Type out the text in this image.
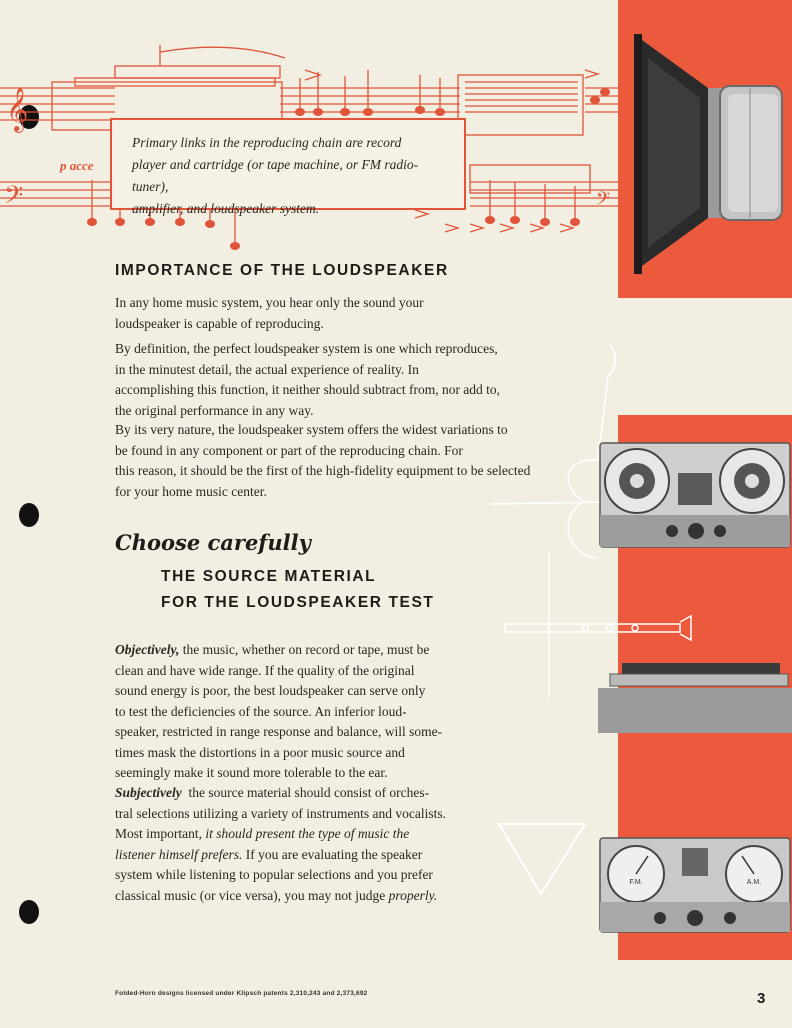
𝄞
𝄢	𝄢
p acce
Primary links in the reproducing chain are record
player and cartridge (or tape machine, or FM radio-tuner),
amplifier, and loudspeaker system.
F.M.	A.M.
IMPORTANCE OF THE LOUDSPEAKER
In any home music system, you hear only the sound your
loudspeaker is capable of reproducing.
By definition, the perfect loudspeaker system is one which reproduces,
in the minutest detail, the actual experience of reality. In
accomplishing this function, it neither should subtract from, nor add to,
the original performance in any way.
By its very nature, the loudspeaker system offers the widest variations to
be found in any component or part of the reproducing chain. For
this reason, it should be the first of the high-fidelity equipment to be selected
for your home music center.
Choose carefully
THE SOURCE MATERIAL
FOR THE LOUDSPEAKER TEST
Objectively, the music, whether on record or tape, must be
clean and have wide range. If the quality of the original
sound energy is poor, the best loudspeaker can serve only
to test the deficiencies of the source. An inferior loud-
speaker, restricted in range response and balance, will some-
times mask the distortions in a poor music source and
seemingly make it sound more tolerable to the ear.
Subjectively the source material should consist of orches-
tral selections utilizing a variety of instruments and vocalists.
Most important, it should present the type of music the
listener himself prefers. If you are evaluating the speaker
system while listening to popular selections and you prefer
classical music (or vice versa), you may not judge properly.
Folded-Horn designs licensed under Klipsch patents 2,310,243 and 2,373,692	3
